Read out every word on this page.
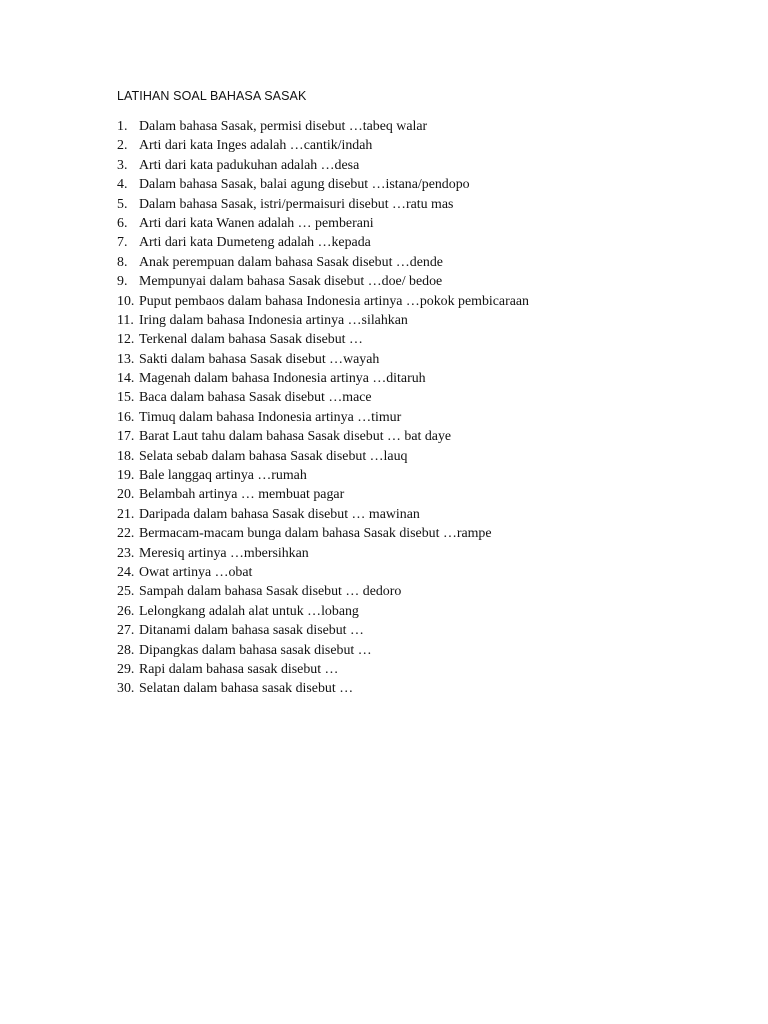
LATIHAN SOAL BAHASA SASAK
1. Dalam bahasa Sasak, permisi disebut …tabeq walar
2. Arti dari kata Inges adalah …cantik/indah
3. Arti dari kata padukuhan adalah …desa
4. Dalam bahasa Sasak, balai agung disebut …istana/pendopo
5. Dalam bahasa Sasak, istri/permaisuri disebut …ratu mas
6. Arti dari kata Wanen adalah … pemberani
7. Arti dari kata Dumeteng adalah …kepada
8. Anak perempuan dalam bahasa Sasak disebut …dende
9. Mempunyai dalam bahasa Sasak disebut …doe/ bedoe
10. Puput pembaos dalam bahasa Indonesia artinya …pokok pembicaraan
11. Iring dalam bahasa Indonesia artinya …silahkan
12. Terkenal dalam bahasa Sasak disebut …
13. Sakti dalam bahasa Sasak disebut …wayah
14. Magenah dalam bahasa Indonesia artinya …ditaruh
15. Baca dalam bahasa Sasak disebut …mace
16. Timuq dalam bahasa Indonesia artinya …timur
17. Barat Laut tahu dalam bahasa Sasak disebut … bat daye
18. Selata sebab dalam bahasa Sasak disebut …lauq
19. Bale langgaq artinya …rumah
20. Belambah artinya … membuat pagar
21. Daripada dalam bahasa Sasak disebut … mawinan
22. Bermacam-macam bunga dalam bahasa Sasak disebut …rampe
23. Meresiq artinya …mbersihkan
24. Owat artinya …obat
25. Sampah dalam bahasa Sasak disebut … dedoro
26. Lelongkang adalah alat untuk …lobang
27. Ditanami dalam bahasa sasak disebut …
28. Dipangkas dalam bahasa sasak disebut …
29. Rapi dalam bahasa sasak disebut …
30. Selatan dalam bahasa sasak disebut …
